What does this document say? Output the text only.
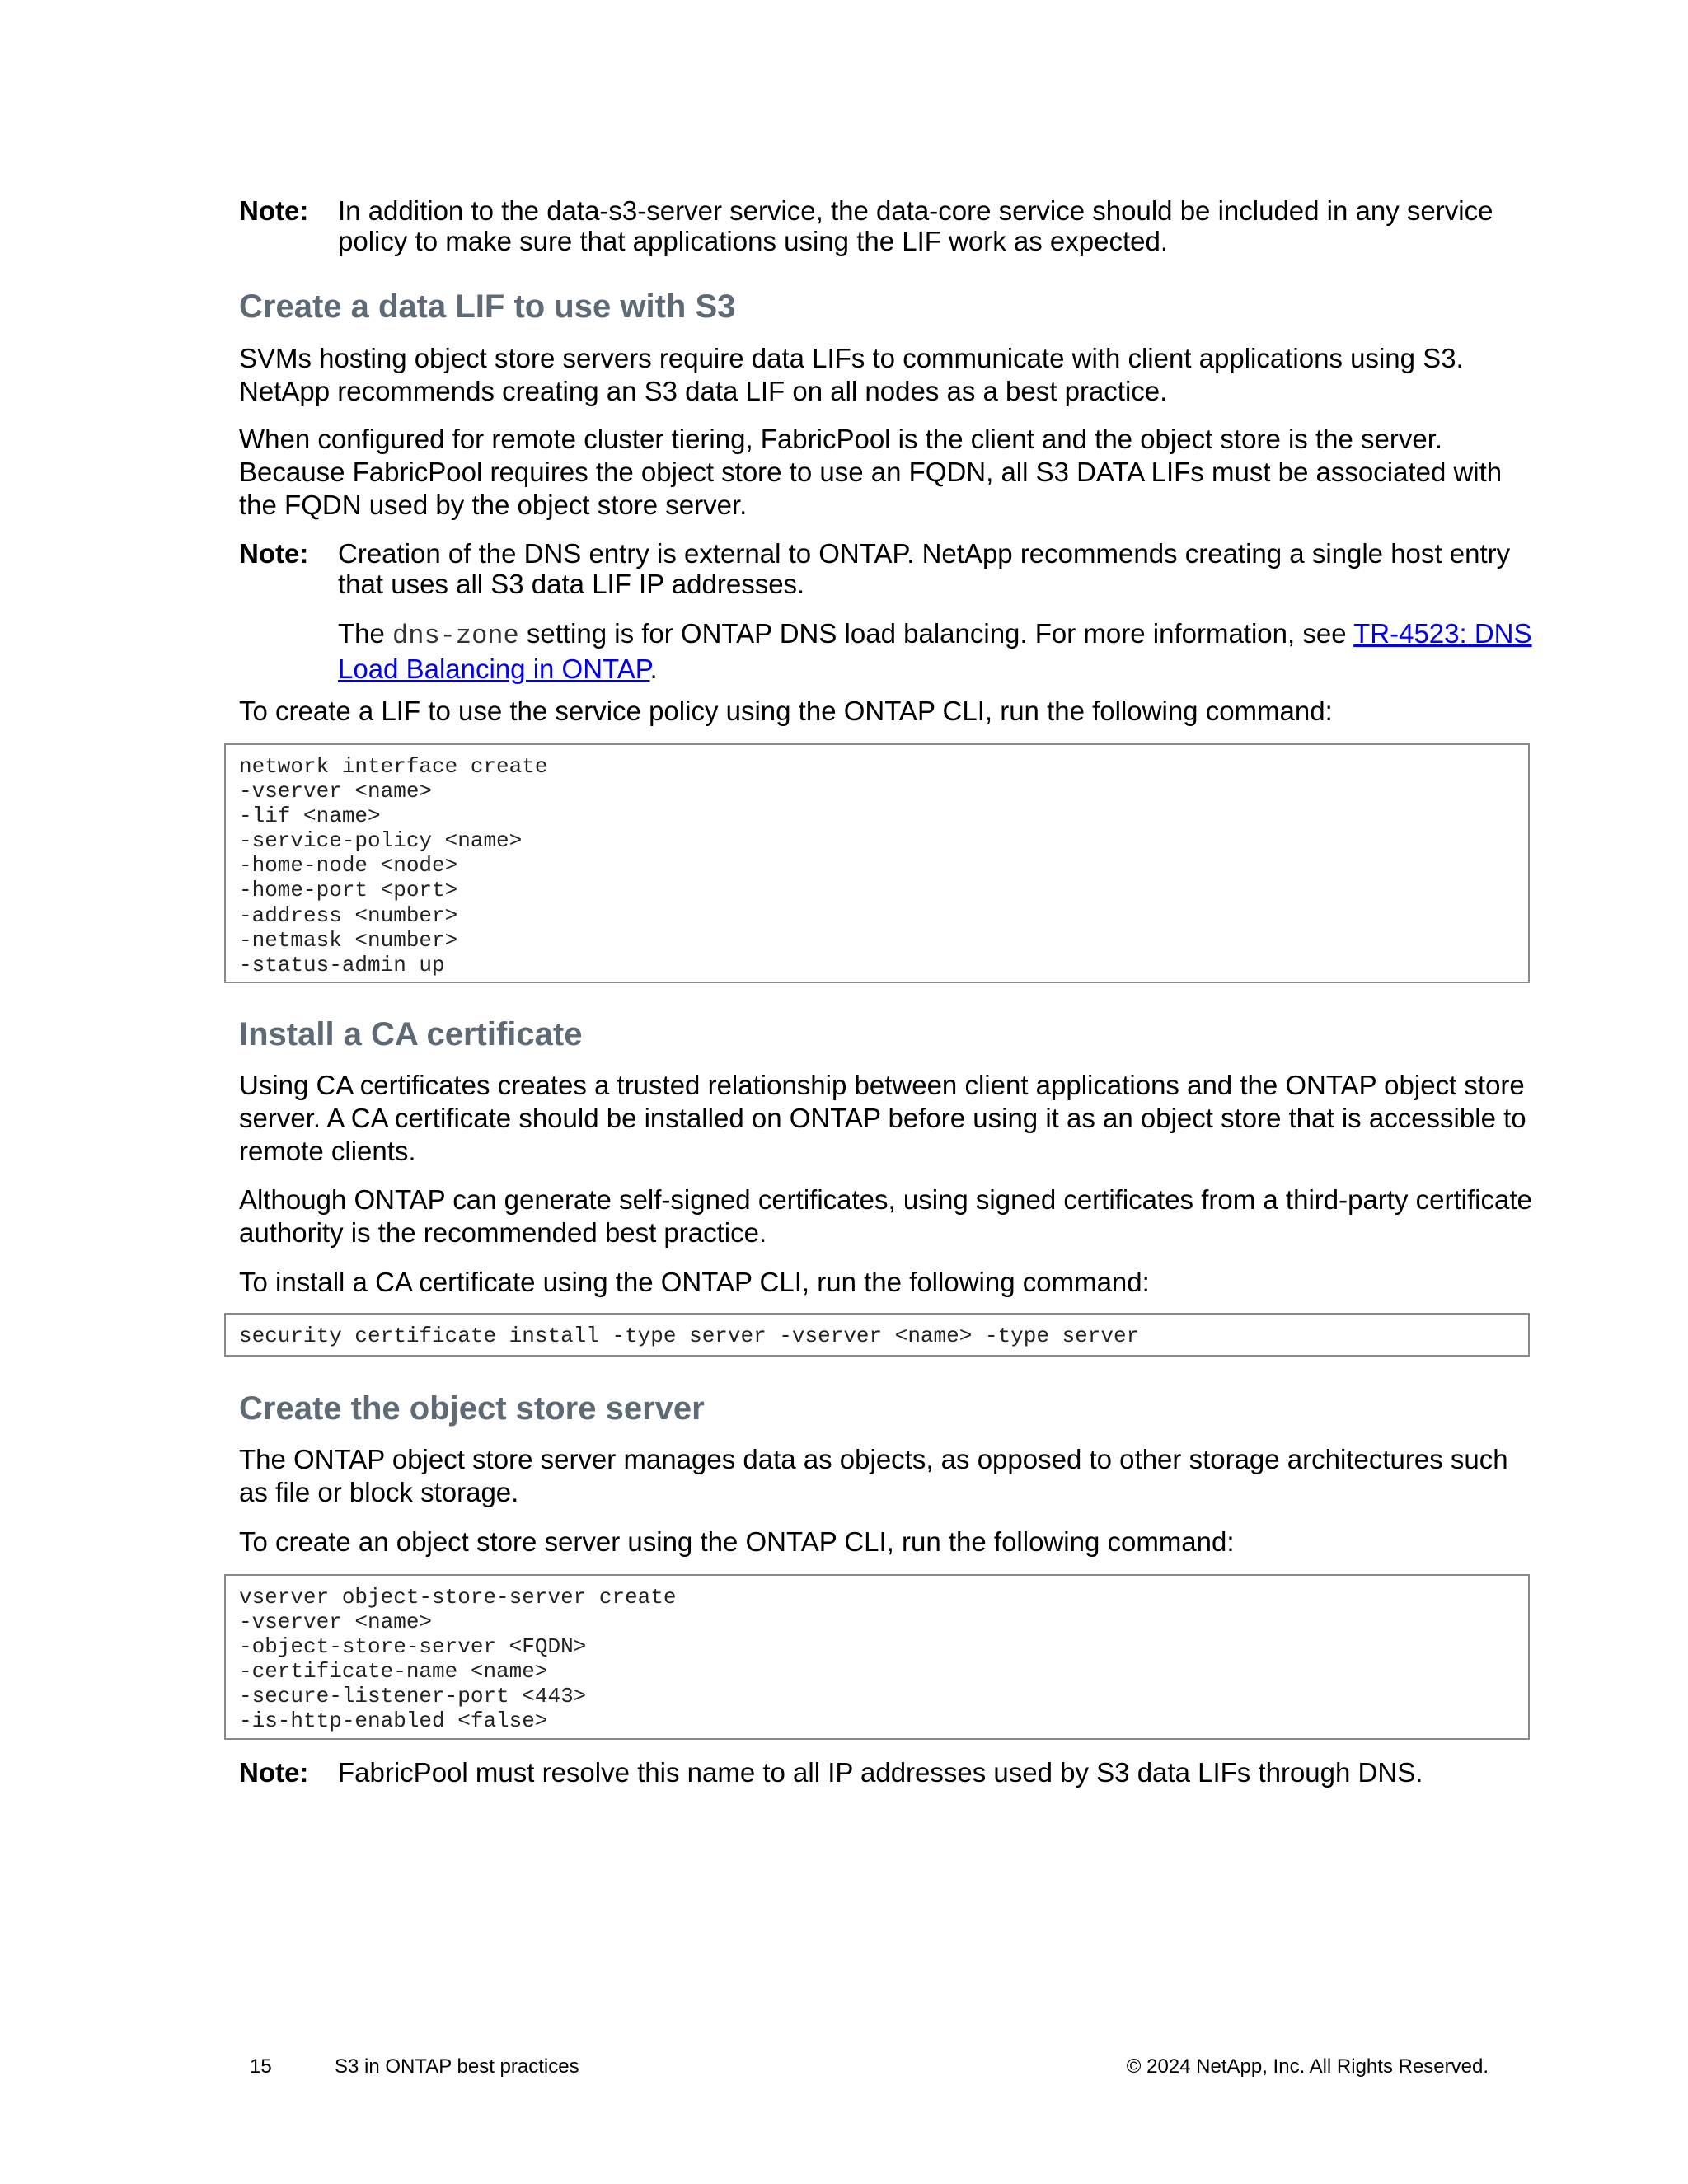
Note: In addition to the data-s3-server service, the data-core service should be included in any service policy to make sure that applications using the LIF work as expected.

Create a data LIF to use with S3

SVMs hosting object store servers require data LIFs to communicate with client applications using S3. NetApp recommends creating an S3 data LIF on all nodes as a best practice.

When configured for remote cluster tiering, FabricPool is the client and the object store is the server. Because FabricPool requires the object store to use an FQDN, all S3 DATA LIFs must be associated with the FQDN used by the object store server.

Note: Creation of the DNS entry is external to ONTAP. NetApp recommends creating a single host entry that uses all S3 data LIF IP addresses.

The dns-zone setting is for ONTAP DNS load balancing. For more information, see TR-4523: DNS Load Balancing in ONTAP.

To create a LIF to use the service policy using the ONTAP CLI, run the following command:

network interface create
-vserver <name>
-lif <name>
-service-policy <name>
-home-node <node>
-home-port <port>
-address <number>
-netmask <number>
-status-admin up
Install a CA certificate

Using CA certificates creates a trusted relationship between client applications and the ONTAP object store server. A CA certificate should be installed on ONTAP before using it as an object store that is accessible to remote clients.

Although ONTAP can generate self-signed certificates, using signed certificates from a third-party certificate authority is the recommended best practice.

To install a CA certificate using the ONTAP CLI, run the following command:

security certificate install -type server -vserver <name> -type server
Create the object store server

The ONTAP object store server manages data as objects, as opposed to other storage architectures such as file or block storage.

To create an object store server using the ONTAP CLI, run the following command:

vserver object-store-server create
-vserver <name>
-object-store-server <FQDN>
-certificate-name <name>
-secure-listener-port <443>
-is-http-enabled <false>
Note: FabricPool must resolve this name to all IP addresses used by S3 data LIFs through DNS.

15	S3 in ONTAP best practices	© 2024 NetApp, Inc. All Rights Reserved.
